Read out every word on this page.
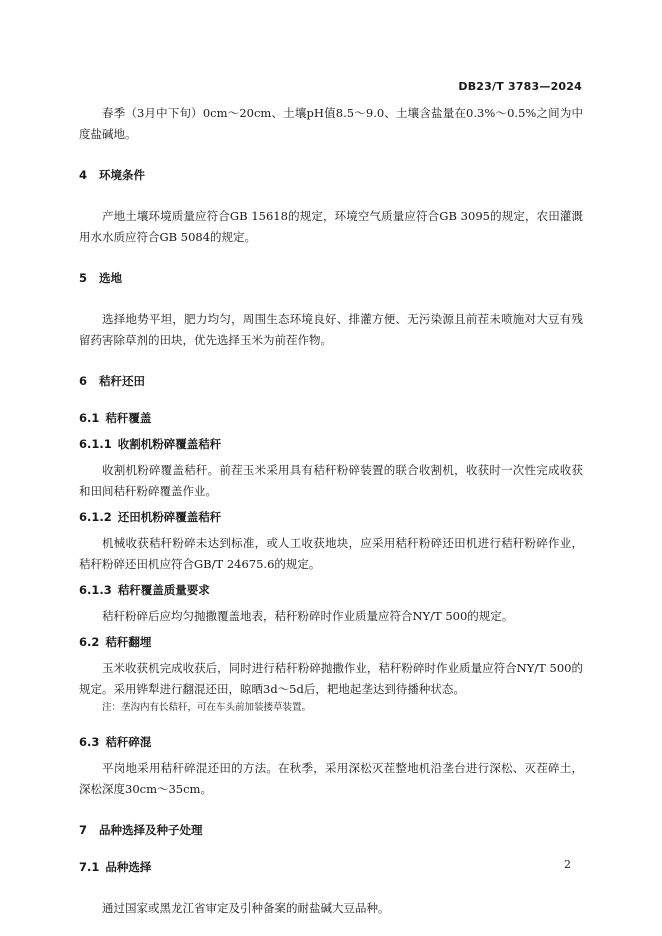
DB23/T 3783—2024

春季（3月中下旬）0cm～20cm、土壤pH值8.5～9.0、土壤含盐量在0.3%～0.5%之间为中度盐碱地。

4 环境条件

产地土壤环境质量应符合GB 15618的规定，环境空气质量应符合GB 3095的规定，农田灌溉用水水质应符合GB 5084的规定。

5 选地

选择地势平坦，肥力均匀，周围生态环境良好、排灌方便、无污染源且前茬未喷施对大豆有残留药害除草剂的田块，优先选择玉米为前茬作物。

6 秸秆还田
6.1 秸秆覆盖
6.1.1 收割机粉碎覆盖秸秆

收割机粉碎覆盖秸秆。前茬玉米采用具有秸秆粉碎装置的联合收割机，收获时一次性完成收获和田间秸秆粉碎覆盖作业。

6.1.2 还田机粉碎覆盖秸秆

机械收获秸秆粉碎未达到标准，或人工收获地块，应采用秸秆粉碎还田机进行秸秆粉碎作业，秸秆粉碎还田机应符合GB/T 24675.6的规定。

6.1.3 秸秆覆盖质量要求

秸秆粉碎后应均匀抛撒覆盖地表，秸秆粉碎时作业质量应符合NY/T 500的规定。

6.2 秸秆翻埋

玉米收获机完成收获后，同时进行秸秆粉碎抛撒作业，秸秆粉碎时作业质量应符合NY/T 500的规定。采用铧犁进行翻混还田，晾晒3d～5d后，耙地起垄达到待播种状态。

注：垄沟内有长秸秆，可在车头前加装搂草装置。

6.3 秸秆碎混

平岗地采用秸秆碎混还田的方法。在秋季，采用深松灭茬整地机沿垄台进行深松、灭茬碎土，深松深度30cm～35cm。

7 品种选择及种子处理
7.1 品种选择

通过国家或黑龙江省审定及引种备案的耐盐碱大豆品种。

2
